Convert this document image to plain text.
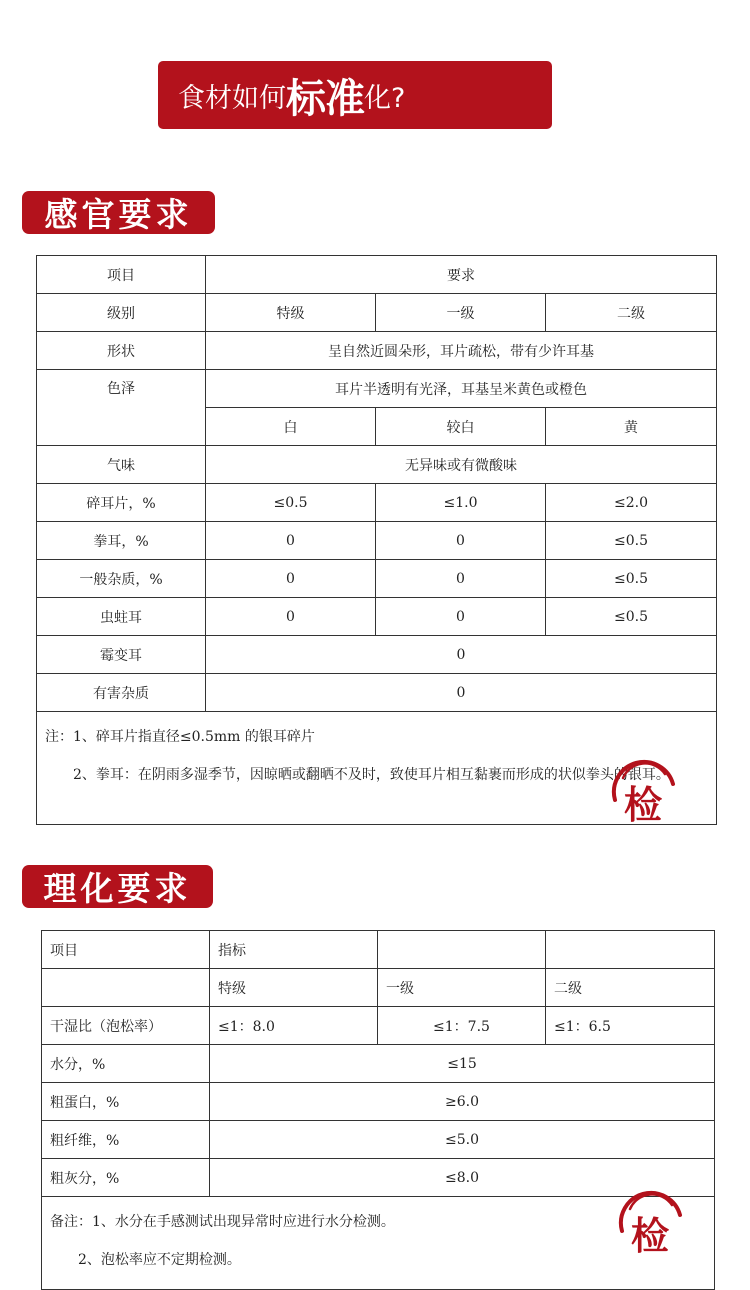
食材如何 标准 化?
感官要求
项目	要求		
级别	特级	一级	二级
形状	呈自然近圆朵形，耳片疏松，带有少许耳基		
色泽	耳片半透明有光泽，耳基呈米黄色或橙色		
	白	较白	黄
气味	无异味或有微酸味		
碎耳片，%	≤0.5	≤1.0	≤2.0
拳耳，%	0	0	≤0.5
一般杂质，%	0	0	≤0.5
虫蛀耳	0	0	≤0.5
霉变耳	0		
有害杂质	0		

注：1、碎耳片指直径≤0.5mm 的银耳碎片
2、拳耳：在阴雨多湿季节，因晾晒或翻晒不及时，致使耳片相互黏裹而形成的状似拳头的银耳。			
检
理化要求
项目	指标		
	特级	一级	二级
干湿比（泡松率）	≤1：8.0	≤1：7.5	≤1：6.5
水分，%	≤15		
粗蛋白，%	≥6.0		
粗纤维，%	≤5.0		
粗灰分，%	≤8.0		

备注：1、水分在手感测试出现异常时应进行水分检测。
2、泡松率应不定期检测。			
检
